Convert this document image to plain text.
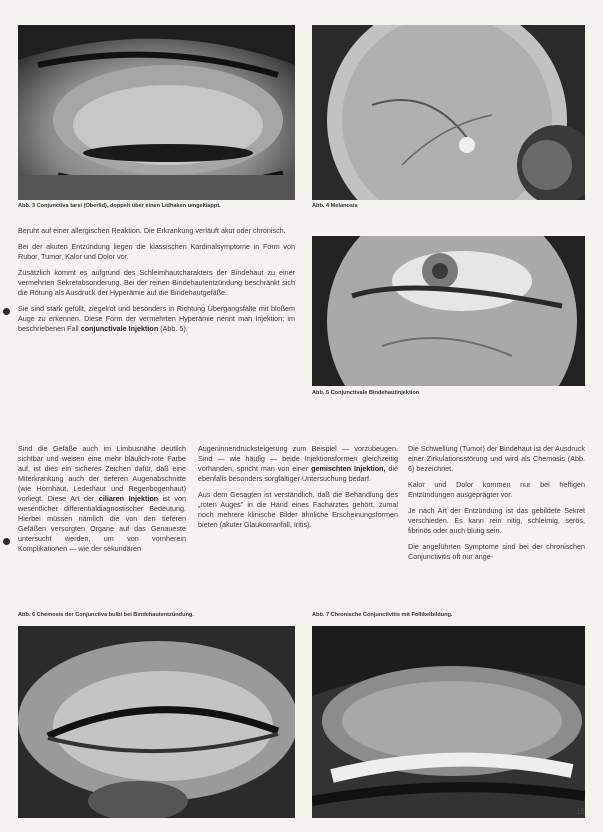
Abb. 3 Conjunctiva tarsi (Oberlid), doppelt über einen Lidhaken umgeklappt.	Abb. 4 Melanosis
Abb. 5 Conjunctivale Bindehautinjektion
Abb. 6 Chemosis der Conjunctiva bulbi bei Bindehautentzündung.	Abb. 7 Chronische Conjunctivitis mit Follikelbildung.

Beruht auf einer allergischen Reaktion. Die Erkrankung verläuft akut oder chronisch.

Bei der akuten Entzündung liegen die klassischen Kardinalsymptome in Form von Rubor, Tumor, Kalor und Dolor vor.

Zusätzlich kommt es aufgrund des Schleimhautcharakters der Bindehaut zu einer vermehrten Sekretabsonderung. Bei der reinen Bindehautentzündung beschränkt sich die Rötung als Ausdruck der Hyperämie auf die Bindehautgefäße.

Sie sind stark gefüllt, ziegelrot und besonders in Richtung Übergangsfalte mit bloßem Auge zu erkennen. Diese Form der vermehrten Hyperämie nennt man Injektion; im beschriebenen Fall conjunctivale Injektion (Abb. 5).

Sind die Gefäße auch im Limbusnähe deutlich sichtbar und weisen eine mehr bläulich-rote Farbe auf, ist dies ein sicheres Zeichen dafür, daß eine Miterkrankung auch der tieferen Augenabschnitte (wie Hornhaut, Lederhaut und Regenbogenhaut) vorliegt. Diese Art der ciliaren Injektion ist von wesentlicher differentialdiagnostischer Bedeutung. Hierbei müssen nämlich die von den tieferen Gefäßen versorgten Organe auf das Genaueste untersucht werden, um von vornherein Komplikationen — wie der sekundären

Augeninnendrucksteigerung zum Beispiel — vorzubeugen. Sind — wie häufig — beide Injektionsformen gleichzeitig vorhanden, spricht man von einer gemischten Injektion, die ebenfalls besonders sorgfältiger Untersuchung bedarf.

Aus dem Gesagten ist verständlich, daß die Behandlung des „roten Auges" in die Hand eines Facharztes gehört, zumal noch mehrere klinische Bilder ähnliche Erscheinungsformen bieten (akuter Glaukomanfall, Iritis).

Die Schwellung (Tumor) der Bindehaut ist der Ausdruck einer Zirkulationsstörung und wird als Chemosis (Abb. 6) bezeichnet.

Kalor und Dolor kommen nur bei heftigen Entzündungen ausgeprägter vor.

Je nach Art der Entzündung ist das gebildete Sekret verschieden. Es kann rein nitig, schleimig, serös, fibrinös oder auch blutig sein.

Die angeführten Symptome sind bei der chronischen Conjunctivitis oft nur ange-

15
